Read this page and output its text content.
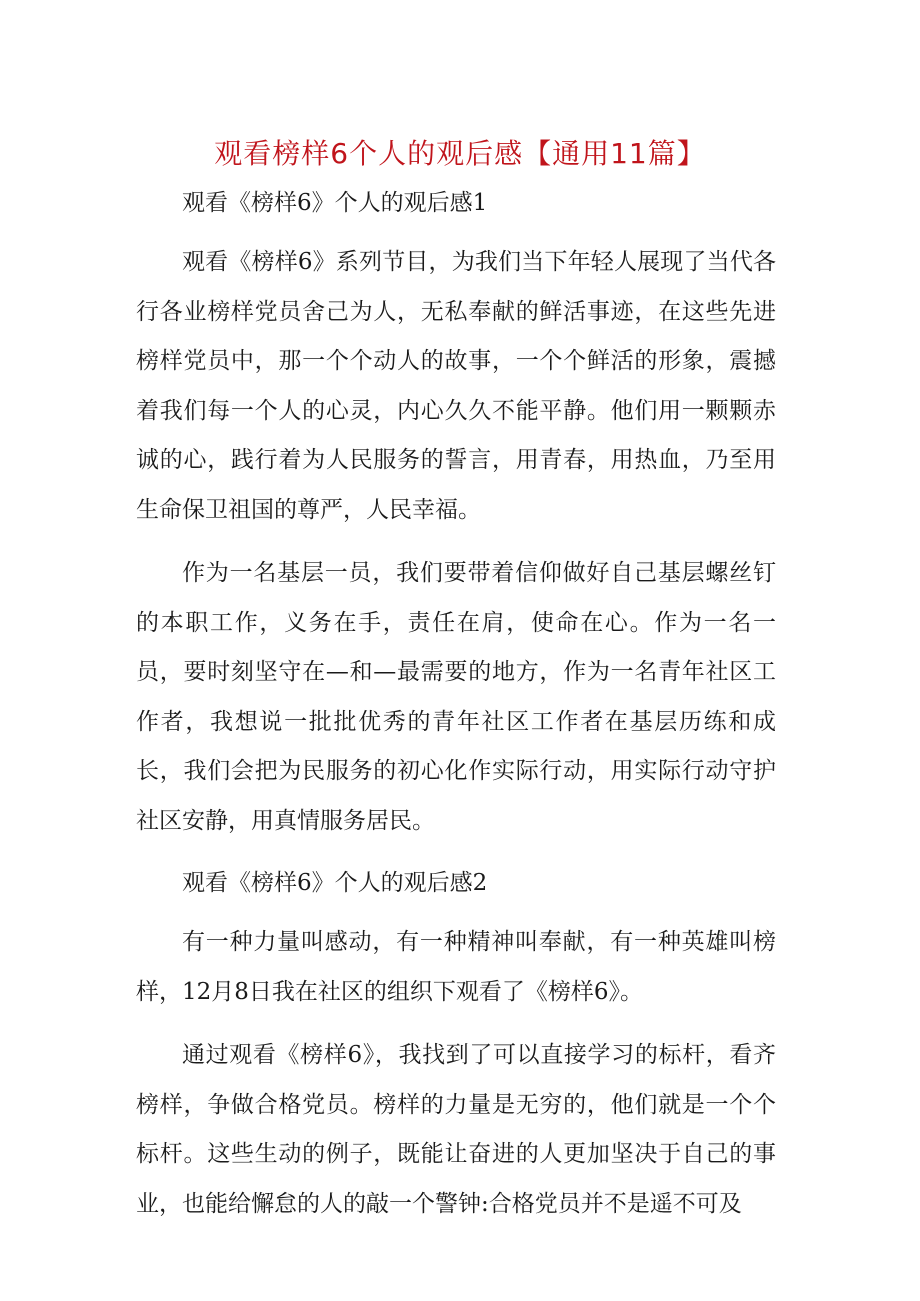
观看榜样6个人的观后感【通用11篇】

观看《榜样6》个人的观后感1

观看《榜样6》系列节目，为我们当下年轻人展现了当代各行各业榜样党员舍己为人，无私奉献的鲜活事迹，在这些先进榜样党员中，那一个个动人的故事，一个个鲜活的形象，震撼着我们每一个人的心灵，内心久久不能平静。他们用一颗颗赤诚的心，践行着为人民服务的誓言，用青春，用热血，乃至用生命保卫祖国的尊严，人民幸福。

作为一名基层一员，我们要带着信仰做好自己基层螺丝钉的本职工作，义务在手，责任在肩，使命在心。作为一名一员，要时刻坚守在—和—最需要的地方，作为一名青年社区工作者，我想说一批批优秀的青年社区工作者在基层历练和成长，我们会把为民服务的初心化作实际行动，用实际行动守护社区安静，用真情服务居民。

观看《榜样6》个人的观后感2

有一种力量叫感动，有一种精神叫奉献，有一种英雄叫榜样，12月8日我在社区的组织下观看了《榜样6》。

通过观看《榜样6》，我找到了可以直接学习的标杆，看齐榜样，争做合格党员。榜样的力量是无穷的，他们就是一个个标杆。这些生动的例子，既能让奋进的人更加坚决于自己的事业，也能给懈怠的人的敲一个警钟:合格党员并不是遥不可及
